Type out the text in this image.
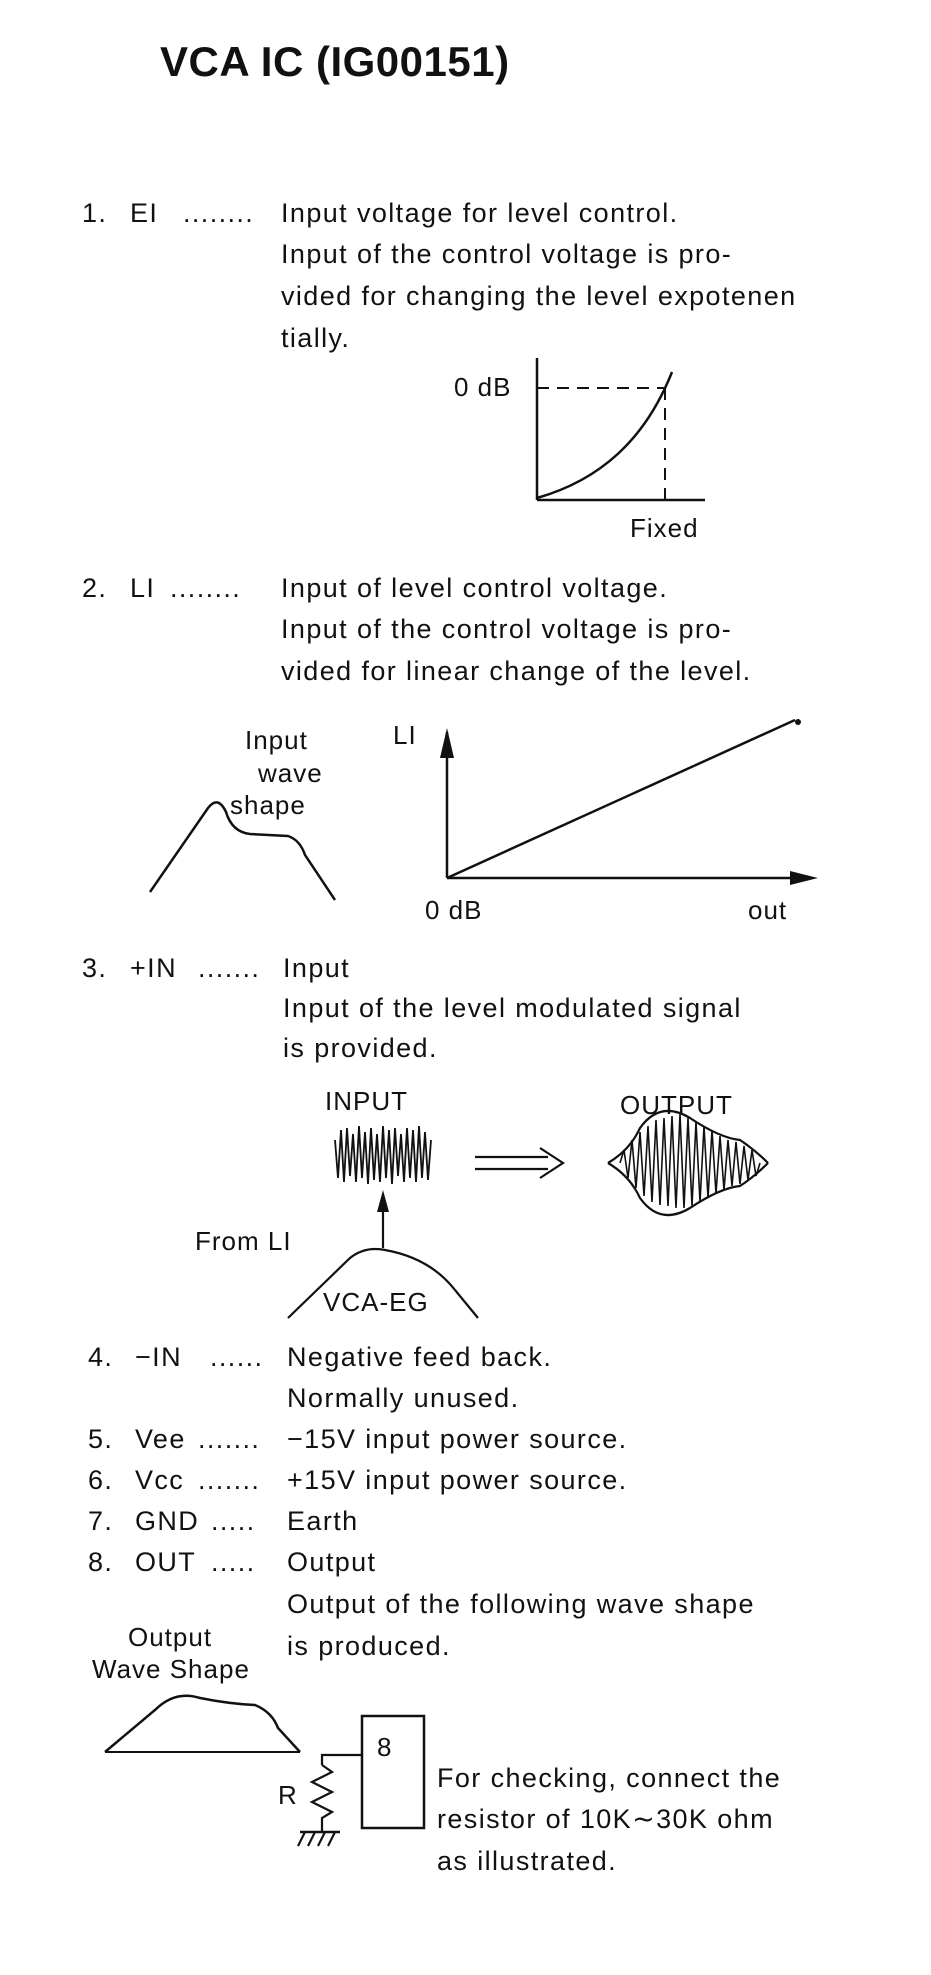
VCA IC (IG00151)
1. EI ........ Input voltage for level control.
Input of the control voltage is pro-
vided for changing the level expotenen
tially.
0 dB
Fixed
2. LI ........ Input of level control voltage.
Input of the control voltage is pro-
vided for linear change of the level.
Input
wave
shape
LI
0 dB	out
3. +IN ....... Input
Input of the level modulated signal
is provided.
INPUT	OUTPUT
From LI
VCA-EG
4. −IN ...... Negative feed back.
Normally unused.
5. Vee ....... −15V input power source.
6. Vcc ....... +15V input power source.
7. GND ..... Earth
8. OUT ..... Output
Output of the following wave shape
is produced.
Output
Wave Shape
8
R
For checking, connect the
resistor of 10K∼30K ohm
as illustrated.
